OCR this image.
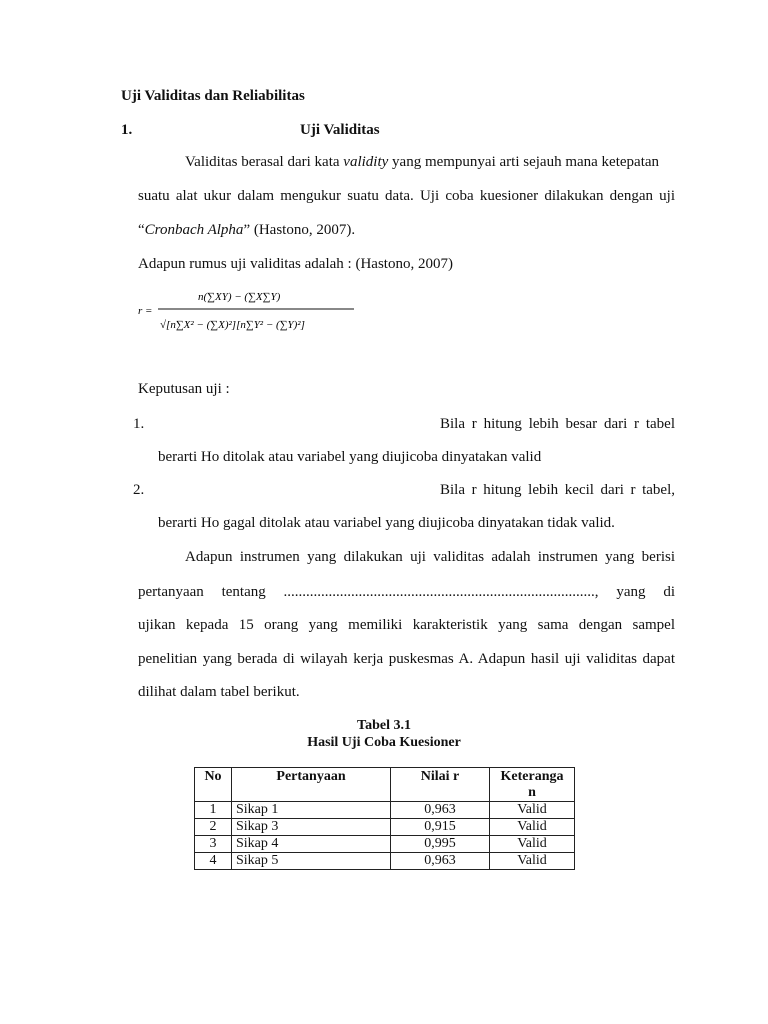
Uji Validitas dan Reliabilitas
1.	Uji Validitas
Validitas berasal dari kata validity yang mempunyai arti sejauh mana ketepatan
suatu alat ukur dalam mengukur suatu data. Uji coba kuesioner dilakukan dengan uji
“Cronbach Alpha” (Hastono, 2007).
Adapun rumus uji validitas adalah : (Hastono, 2007)
r =
n(∑XY) − (∑X∑Y)
√[n∑X² − (∑X)²][n∑Y² − (∑Y)²]
Keputusan uji :
1.	Bila r hitung lebih besar dari r tabel
berarti Ho ditolak atau variabel yang diujicoba dinyatakan valid
2.	Bila r hitung lebih kecil dari r tabel,
berarti Ho gagal ditolak atau variabel yang diujicoba dinyatakan tidak valid.
Adapun instrumen yang dilakukan uji validitas adalah instrumen yang berisi
pertanyaan tentang ..................................................................................., yang di
ujikan kepada 15 orang yang memiliki karakteristik yang sama dengan sampel
penelitian yang berada di wilayah kerja puskesmas A. Adapun hasil uji validitas dapat
dilihat dalam tabel berikut.
Tabel 3.1
Hasil Uji Coba Kuesioner
No	Pertanyaan	Nilai r	Keteranga
n
1	Sikap 1	0,963	Valid
2	Sikap 3	0,915	Valid
3	Sikap 4	0,995	Valid
4	Sikap 5	0,963	Valid
